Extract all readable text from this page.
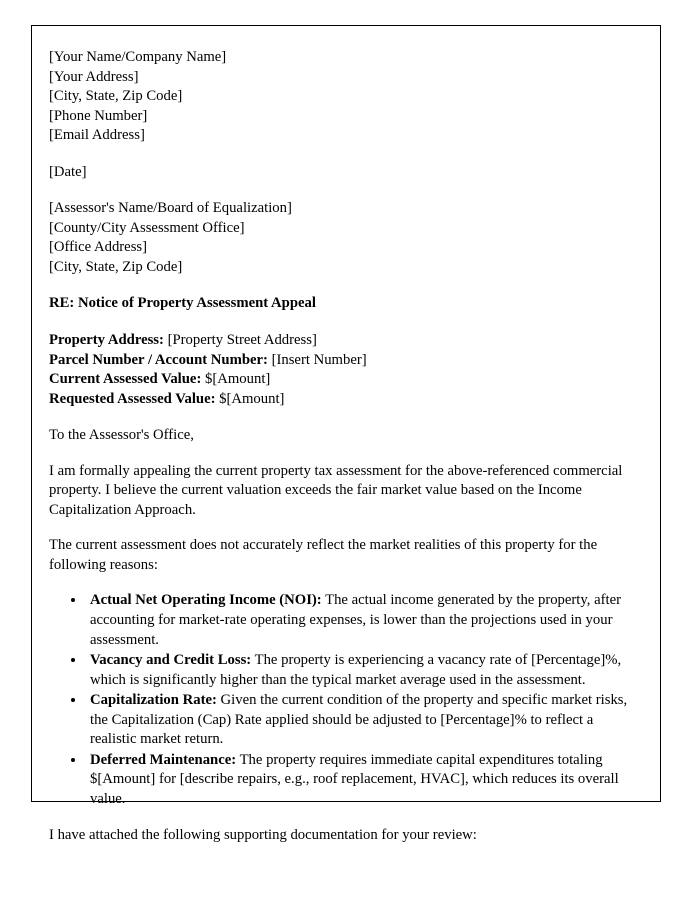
[Your Name/Company Name]
[Your Address]
[City, State, Zip Code]
[Phone Number]
[Email Address]
[Date]
[Assessor's Name/Board of Equalization]
[County/City Assessment Office]
[Office Address]
[City, State, Zip Code]
RE: Notice of Property Assessment Appeal
Property Address: [Property Street Address]
Parcel Number / Account Number: [Insert Number]
Current Assessed Value: $[Amount]
Requested Assessed Value: $[Amount]

To the Assessor's Office,

I am formally appealing the current property tax assessment for the above-referenced commercial property. I believe the current valuation exceeds the fair market value based on the Income Capitalization Approach.

The current assessment does not accurately reflect the market realities of this property for the following reasons:

• Actual Net Operating Income (NOI): The actual income generated by the property, after accounting for market-rate operating expenses, is lower than the projections used in your assessment.
• Vacancy and Credit Loss: The property is experiencing a vacancy rate of [Percentage]%, which is significantly higher than the typical market average used in the assessment.
• Capitalization Rate: Given the current condition of the property and specific market risks, the Capitalization (Cap) Rate applied should be adjusted to [Percentage]% to reflect a realistic market return.
• Deferred Maintenance: The property requires immediate capital expenditures totaling $[Amount] for [describe repairs, e.g., roof replacement, HVAC], which reduces its overall value.

I have attached the following supporting documentation for your review:
